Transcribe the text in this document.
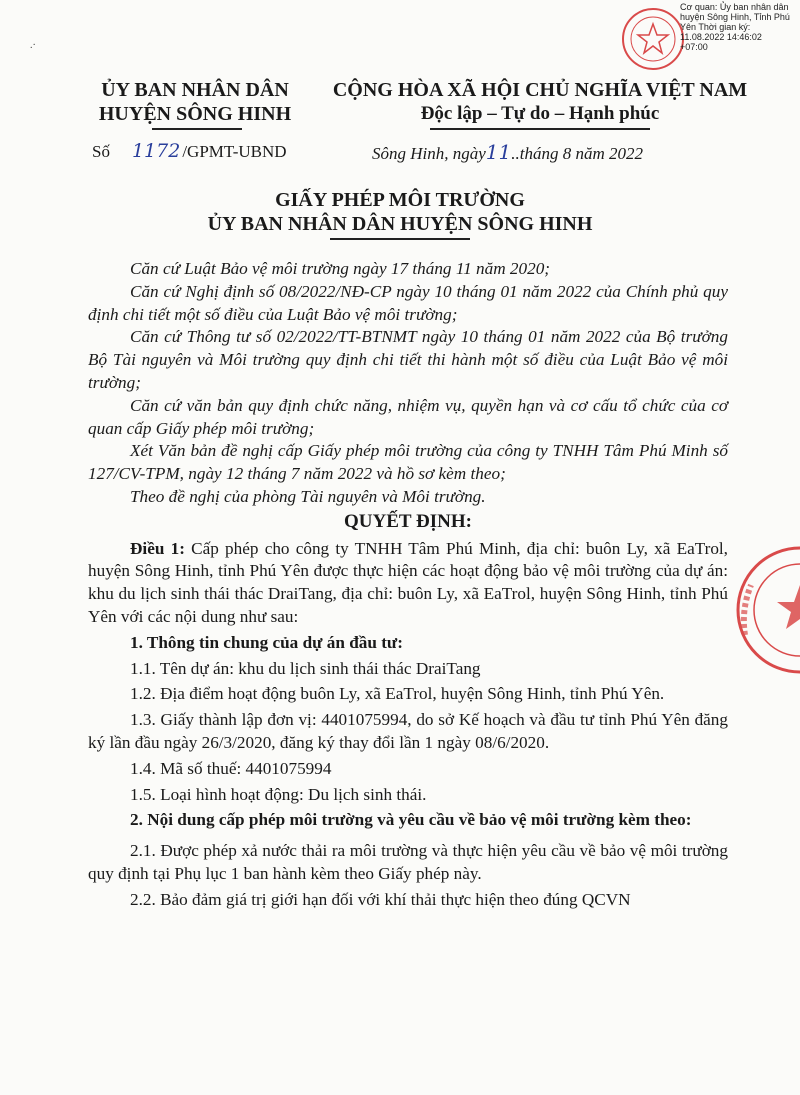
.·
Cơ quan: Ủy ban nhân dân huyện Sông Hinh, Tỉnh Phú Yên Thời gian ký: 11.08.2022 14:46:02 +07:00
ỦY BAN NHÂN DÂN
HUYỆN SÔNG HINH
CỘNG HÒA XÃ HỘI CHỦ NGHĨA VIỆT NAM
Độc lập – Tự do – Hạnh phúc
Số 1172 /GPMT-UBND	Sông Hinh, ngày 11 ..tháng 8 năm 2022
GIẤY PHÉP MÔI TRƯỜNG
ỦY BAN NHÂN DÂN HUYỆN SÔNG HINH

Căn cứ Luật Bảo vệ môi trường ngày 17 tháng 11 năm 2020;

Căn cứ Nghị định số 08/2022/NĐ-CP ngày 10 tháng 01 năm 2022 của Chính phủ quy định chi tiết một số điều của Luật Bảo vệ môi trường;

Căn cứ Thông tư số 02/2022/TT-BTNMT ngày 10 tháng 01 năm 2022 của Bộ trưởng Bộ Tài nguyên và Môi trường quy định chi tiết thi hành một số điều của Luật Bảo vệ môi trường;

Căn cứ văn bản quy định chức năng, nhiệm vụ, quyền hạn và cơ cấu tổ chức của cơ quan cấp Giấy phép môi trường;

Xét Văn bản đề nghị cấp Giấy phép môi trường của công ty TNHH Tâm Phú Minh số 127/CV-TPM, ngày 12 tháng 7 năm 2022 và hồ sơ kèm theo;

Theo đề nghị của phòng Tài nguyên và Môi trường.

QUYẾT ĐỊNH:

Điều 1: Cấp phép cho công ty TNHH Tâm Phú Minh, địa chỉ: buôn Ly, xã EaTrol, huyện Sông Hinh, tỉnh Phú Yên được thực hiện các hoạt động bảo vệ môi trường của dự án: khu du lịch sinh thái thác DraiTang, địa chỉ: buôn Ly, xã EaTrol, huyện Sông Hinh, tỉnh Phú Yên với các nội dung như sau:

1. Thông tin chung của dự án đầu tư:

1.1. Tên dự án: khu du lịch sinh thái thác DraiTang

1.2. Địa điểm hoạt động buôn Ly, xã EaTrol, huyện Sông Hinh, tỉnh Phú Yên.

1.3. Giấy thành lập đơn vị: 4401075994, do sở Kế hoạch và đầu tư tỉnh Phú Yên đăng ký lần đầu ngày 26/3/2020, đăng ký thay đổi lần 1 ngày 08/6/2020.

1.4. Mã số thuế: 4401075994

1.5. Loại hình hoạt động: Du lịch sinh thái.

2. Nội dung cấp phép môi trường và yêu cầu về bảo vệ môi trường kèm theo:

2.1. Được phép xả nước thải ra môi trường và thực hiện yêu cầu về bảo vệ môi trường quy định tại Phụ lục 1 ban hành kèm theo Giấy phép này.

2.2. Bảo đảm giá trị giới hạn đối với khí thải thực hiện theo đúng QCVN
